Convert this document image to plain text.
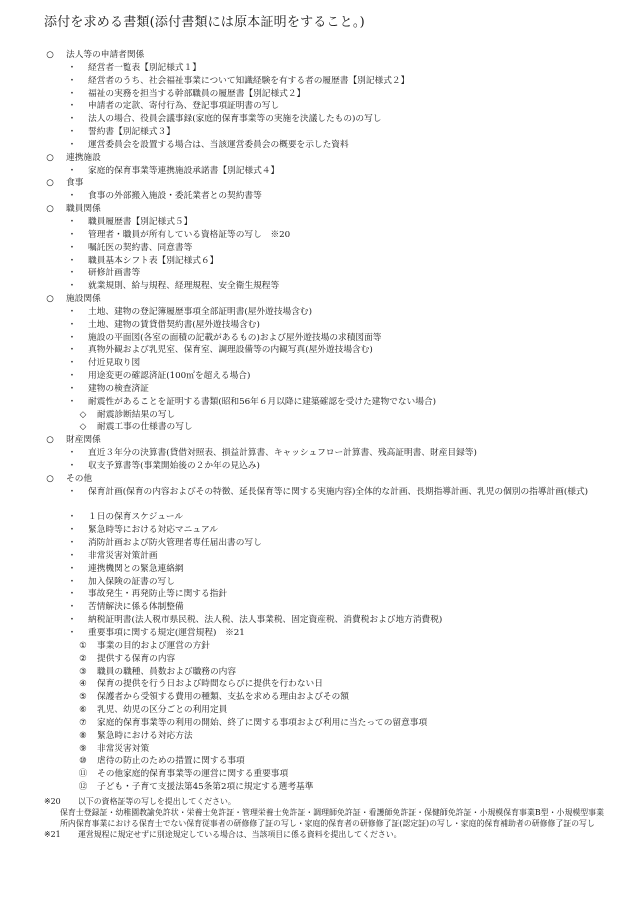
添付を求める書類(添付書類には原本証明をすること。)
○ 法人等の申請者関係
・ 経営者一覧表【別記様式１】
・ 経営者のうち、社会福祉事業について知識経験を有する者の履歴書【別記様式２】
・ 福祉の実務を担当する幹部職員の履歴書【別記様式２】
・ 申請者の定款、寄付行為、登記事項証明書の写し
・ 法人の場合、役員会議事録(家庭的保育事業等の実施を決議したもの)の写し
・ 誓約書【別記様式３】
・ 運営委員会を設置する場合は、当該運営委員会の概要を示した資料
○ 連携施設
・ 家庭的保育事業等連携施設承諾書【別記様式４】
○ 食事
・ 食事の外部搬入施設・委託業者との契約書等
○ 職員関係
・ 職員履歴書【別記様式５】
・ 管理者・職員が所有している資格証等の写し　※20
・ 嘱託医の契約書、同意書等
・ 職員基本シフト表【別記様式６】
・ 研修計画書等
・ 就業規則、給与規程、経理規程、安全衛生規程等
○ 施設関係
・ 土地、建物の登記簿履歴事項全部証明書(屋外遊技場含む)
・ 土地、建物の賃貸借契約書(屋外遊技場含む)
・ 施設の平面図(各室の面積の記載があるもの)および屋外遊技場の求積図面等
・ 真物外観および乳児室、保育室、調理設備等の内観写真(屋外遊技場含む)
・ 付近見取り図
・ 用途変更の確認済証(100㎡を超える場合)
・ 建物の検査済証
・ 耐震性があることを証明する書類(昭和56年６月以降に建築確認を受けた建物でない場合)
◇	耐震診断結果の写し
◇	耐震工事の仕様書の写し
○ 財産関係
・ 直近３年分の決算書(貸借対照表、損益計算書、キャッシュフロー計算書、残高証明書、財産目録等)
・ 収支予算書等(事業開始後の２か年の見込み)
○ その他
・ 保育計画(保育の内容およびその特徴、延長保育等に関する実施内容)全体的な計画、長期指導計画、乳児の個別の指導計画(様式)
・ １日の保育スケジュール
・ 緊急時等における対応マニュアル
・ 消防計画および防火管理者専任届出書の写し
・ 非常災害対策計画
・ 連携機関との緊急連絡網
・ 加入保険の証書の写し
・ 事故発生・再発防止等に関する指針
・ 苦情解決に係る体制整備
・ 納税証明書(法人税市県民税、法人税、法人事業税、固定資産税、消費税および地方消費税)
・ 重要事項に関する規定(運営規程)　※21
① 事業の目的および運営の方針
② 提供する保育の内容
③ 職員の職種、員数および職務の内容
④ 保育の提供を行う日および時間ならびに提供を行わない日
⑤ 保護者から受領する費用の種類、支払を求める理由およびその額
⑥ 乳児、幼児の区分ごとの利用定員
⑦ 家庭的保育事業等の利用の開始、終了に関する事項および利用に当たっての留意事項
⑧ 緊急時における対応方法
⑨ 非常災害対策
⑩ 虐待の防止のための措置に関する事項
⑪ その他家庭的保育事業等の運営に関する重要事項
⑫ 子ども・子育て支援法第45条第2項に規定する選考基準
※20	以下の資格証等の写しを提出してください。
保育士登録証・幼稚園教諭免許状・栄養士免許証・管理栄養士免許証・調理師免許証・看護師免許証・保健師免許証・小規模保育事業B型・小規模型事業所内保育事業における保育士でない保育従事者の研修修了証の写し・家庭的保育者の研修修了証(認定証)の写し・家庭的保育補助者の研修修了証の写し
※21	運営規程に規定せずに別途規定している場合は、当該項目に係る資料を提出してください。
